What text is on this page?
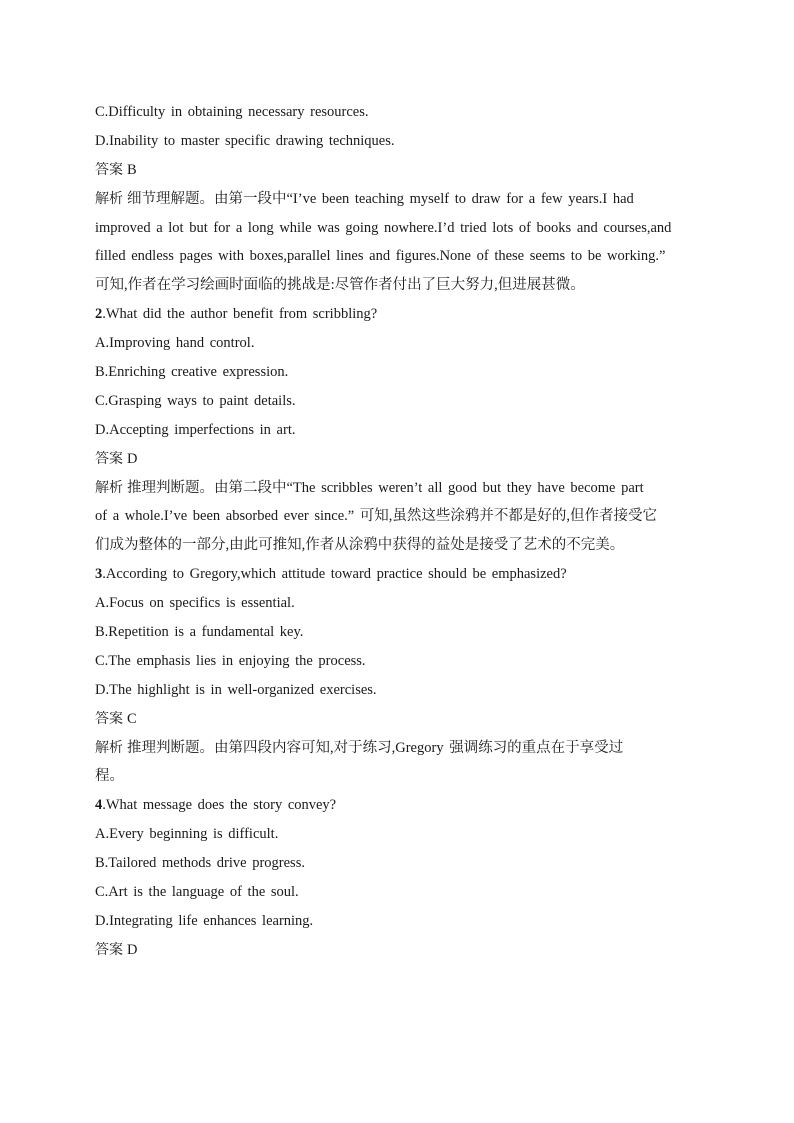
C.Difficulty in obtaining necessary resources.
D.Inability to master specific drawing techniques.
答案 B
解析 细节理解题。由第一段中“I’ve been teaching myself to draw for a few years.I had
improved a lot but for a long while was going nowhere.I’d tried lots of books and courses,and
filled endless pages with boxes,parallel lines and figures.None of these seems to be working.”
可知,作者在学习绘画时面临的挑战是:尽管作者付出了巨大努力,但进展甚微。
2.What did the author benefit from scribbling?
A.Improving hand control.
B.Enriching creative expression.
C.Grasping ways to paint details.
D.Accepting imperfections in art.
答案 D
解析 推理判断题。由第二段中“The scribbles weren’t all good but they have become part
of a whole.I’ve been absorbed ever since.” 可知,虽然这些涂鸦并不都是好的,但作者接受它
们成为整体的一部分,由此可推知,作者从涂鸦中获得的益处是接受了艺术的不完美。
3.According to Gregory,which attitude toward practice should be emphasized?
A.Focus on specifics is essential.
B.Repetition is a fundamental key.
C.The emphasis lies in enjoying the process.
D.The highlight is in well-organized exercises.
答案 C
解析 推理判断题。由第四段内容可知,对于练习,Gregory 强调练习的重点在于享受过
程。
4.What message does the story convey?
A.Every beginning is difficult.
B.Tailored methods drive progress.
C.Art is the language of the soul.
D.Integrating life enhances learning.
答案 D
